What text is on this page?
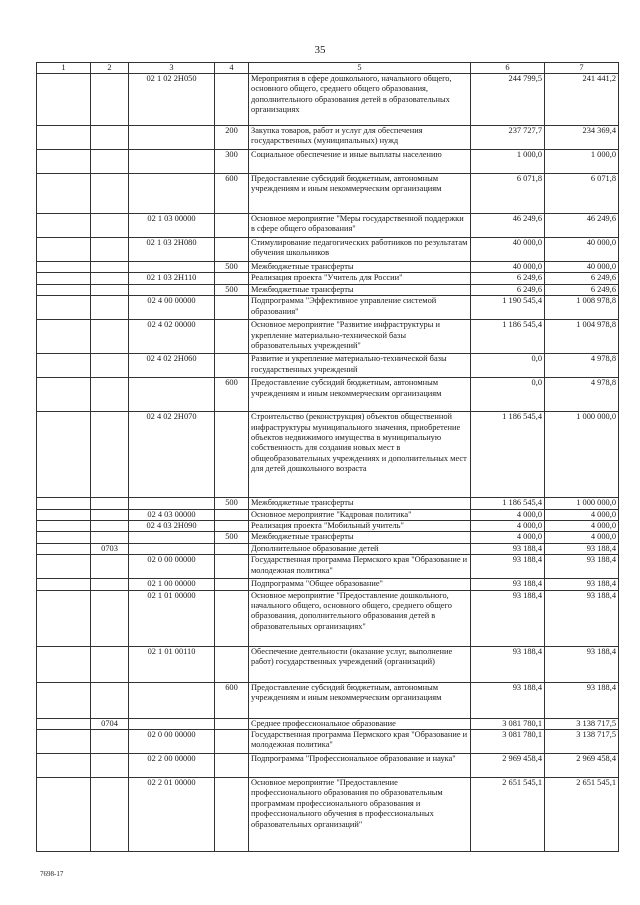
35
1	2	3	4	5	6	7
		02 1 02 2Н050		Мероприятия в сфере дошкольного, начального общего, основного общего, среднего общего образования, дополнительного образования детей в образовательных организациях	244 799,5	241 441,2
			200	Закупка товаров, работ и услуг для обеспечения государственных (муниципальных) нужд	237 727,7	234 369,4
			300	Социальное обеспечение и иные выплаты населению	1 000,0	1 000,0
			600	Предоставление субсидий бюджетным, автономным учреждениям и иным некоммерческим организациям	6 071,8	6 071,8
		02 1 03 00000		Основное мероприятие "Меры государственной поддержки в сфере общего образования"	46 249,6	46 249,6
		02 1 03 2Н080		Стимулирование педагогических работников по результатам обучения школьников	40 000,0	40 000,0
			500	Межбюджетные трансферты	40 000,0	40 000,0
		02 1 03 2Н110		Реализация проекта "Учитель для России"	6 249,6	6 249,6
			500	Межбюджетные трансферты	6 249,6	6 249,6
		02 4 00 00000		Подпрограмма "Эффективное управление системой образования"	1 190 545,4	1 008 978,8
		02 4 02 00000		Основное мероприятие "Развитие инфраструктуры и укрепление материально-технической базы образовательных учреждений"	1 186 545,4	1 004 978,8
		02 4 02 2Н060		Развитие и укрепление материально-технической базы государственных учреждений	0,0	4 978,8
			600	Предоставление субсидий бюджетным, автономным учреждениям и иным некоммерческим организациям	0,0	4 978,8
		02 4 02 2Н070		Строительство (реконструкция) объектов общественной инфраструктуры муниципального значения, приобретение объектов недвижимого имущества в муниципальную собственность для создания новых мест в общеобразовательных учреждениях и дополнительных мест для детей дошкольного возраста	1 186 545,4	1 000 000,0
			500	Межбюджетные трансферты	1 186 545,4	1 000 000,0
		02 4 03 00000		Основное мероприятие "Кадровая политика"	4 000,0	4 000,0
		02 4 03 2Н090		Реализация проекта "Мобильный учитель"	4 000,0	4 000,0
			500	Межбюджетные трансферты	4 000,0	4 000,0
	0703			Дополнительное образование детей	93 188,4	93 188,4
		02 0 00 00000		Государственная программа Пермского края "Образование и молодежная политика"	93 188,4	93 188,4
		02 1 00 00000		Подпрограмма "Общее образование"	93 188,4	93 188,4
		02 1 01 00000		Основное мероприятие "Предоставление дошкольного, начального общего, основного общего, среднего общего образования, дополнительного образования детей в образовательных организациях"	93 188,4	93 188,4
		02 1 01 00110		Обеспечение деятельности (оказание услуг, выполнение работ) государственных учреждений (организаций)	93 188,4	93 188,4
			600	Предоставление субсидий бюджетным, автономным учреждениям и иным некоммерческим организациям	93 188,4	93 188,4
	0704			Среднее профессиональное образование	3 081 780,1	3 138 717,5
		02 0 00 00000		Государственная программа Пермского края "Образование и молодежная политика"	3 081 780,1	3 138 717,5
		02 2 00 00000		Подпрограмма "Профессиональное образование и наука"	2 969 458,4	2 969 458,4
		02 2 01 00000		Основное мероприятие "Предоставление профессионального образования по образовательным программам профессионального образования и профессионального обучения в профессиональных образовательных организаций"	2 651 545,1	2 651 545,1
7698-17
